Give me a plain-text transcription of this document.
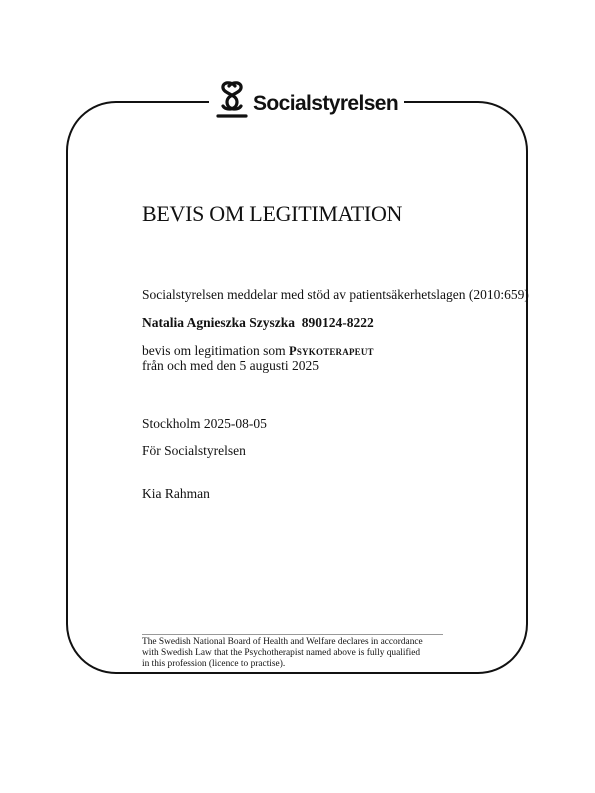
Socialstyrelsen
BEVIS OM LEGITIMATION
Socialstyrelsen meddelar med stöd av patientsäkerhetslagen (2010:659)
Natalia Agnieszka Szyszka 890124-8222
bevis om legitimation som Psykoterapeut
från och med den 5 augusti 2025
Stockholm 2025-08-05
För Socialstyrelsen
Kia Rahman
The Swedish National Board of Health and Welfare declares in accordance
with Swedish Law that the Psychotherapist named above is fully qualified
in this profession (licence to practise).
